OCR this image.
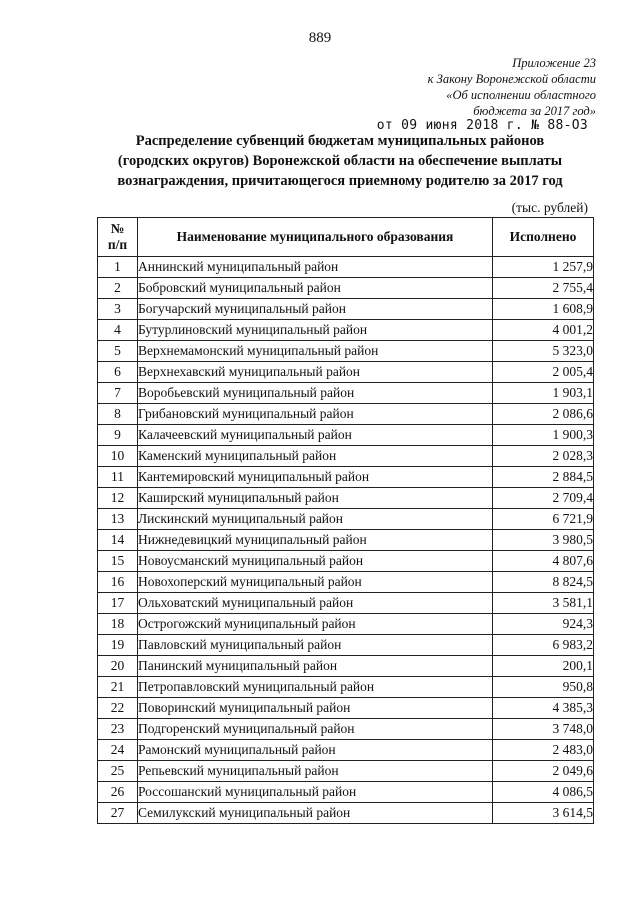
889
Приложение 23
к Закону Воронежской области
«Об исполнении областного
бюджета за 2017 год»
от 09 июня 2018 г. № 88-ОЗ
Распределение субвенций бюджетам муниципальных районов
(городских округов) Воронежской области на обеспечение выплаты
вознаграждения, причитающегося приемному родителю за 2017 год
(тыс. рублей)
№
п/п	Наименование муниципального образования	Исполнено
1	Аннинский муниципальный район	1 257,9
2	Бобровский муниципальный район	2 755,4
3	Богучарский муниципальный район	1 608,9
4	Бутурлиновский муниципальный район	4 001,2
5	Верхнемамонский муниципальный район	5 323,0
6	Верхнехавский муниципальный район	2 005,4
7	Воробьевский муниципальный район	1 903,1
8	Грибановский муниципальный район	2 086,6
9	Калачеевский муниципальный район	1 900,3
10	Каменский муниципальный район	2 028,3
11	Кантемировский муниципальный район	2 884,5
12	Каширский муниципальный район	2 709,4
13	Лискинский муниципальный район	6 721,9
14	Нижнедевицкий муниципальный район	3 980,5
15	Новоусманский муниципальный район	4 807,6
16	Новохоперский муниципальный район	8 824,5
17	Ольховатский муниципальный район	3 581,1
18	Острогожский муниципальный район	924,3
19	Павловский муниципальный район	6 983,2
20	Панинский муниципальный район	200,1
21	Петропавловский муниципальный район	950,8
22	Поворинский муниципальный район	4 385,3
23	Подгоренский муниципальный район	3 748,0
24	Рамонский муниципальный район	2 483,0
25	Репьевский муниципальный район	2 049,6
26	Россошанский муниципальный район	4 086,5
27	Семилукский муниципальный район	3 614,5
